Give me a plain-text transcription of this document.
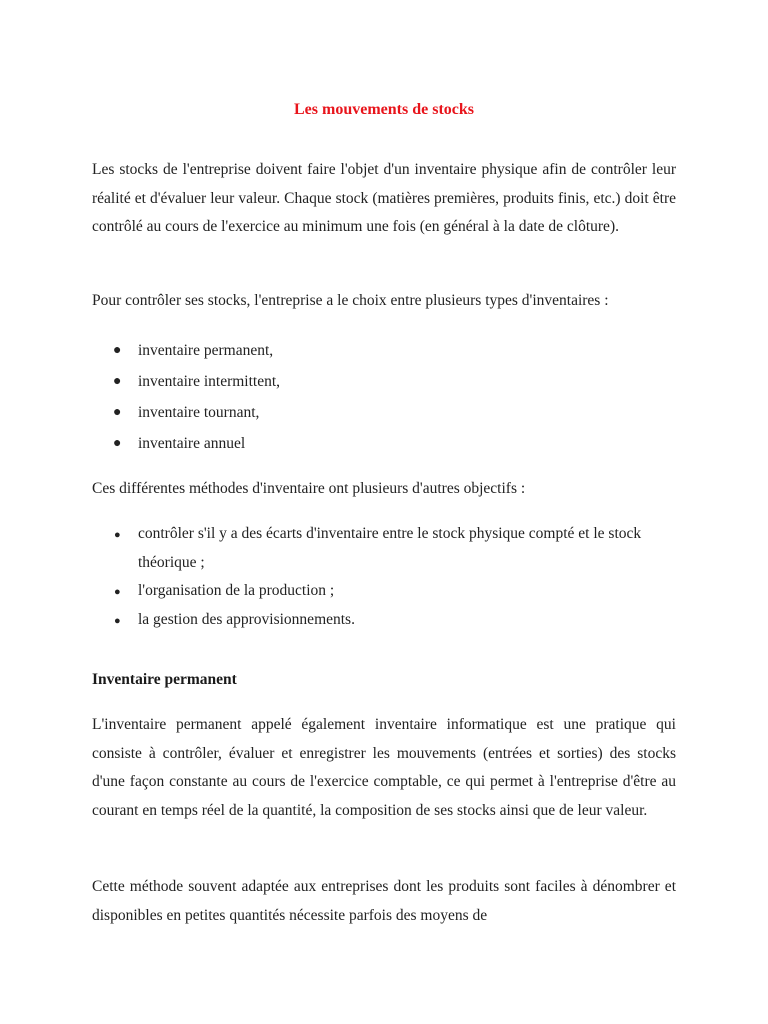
Les mouvements de stocks

Les stocks de l'entreprise doivent faire l'objet d'un inventaire physique afin de contrôler leur réalité et d'évaluer leur valeur. Chaque stock (matières premières, produits finis, etc.) doit être contrôlé au cours de l'exercice au minimum une fois (en général à la date de clôture).

Pour contrôler ses stocks, l'entreprise a le choix entre plusieurs types d'inventaires :

● inventaire permanent,
● inventaire intermittent,
● inventaire tournant,
● inventaire annuel

Ces différentes méthodes d'inventaire ont plusieurs d'autres objectifs :

● contrôler s'il y a des écarts d'inventaire entre le stock physique compté et le stock théorique ;
● l'organisation de la production ;
● la gestion des approvisionnements.
Inventaire permanent

L'inventaire permanent appelé également inventaire informatique est une pratique qui consiste à contrôler, évaluer et enregistrer les mouvements (entrées et sorties) des stocks d'une façon constante au cours de l'exercice comptable, ce qui permet à l'entreprise d'être au courant en temps réel de la quantité, la composition de ses stocks ainsi que de leur valeur.

Cette méthode souvent adaptée aux entreprises dont les produits sont faciles à dénombrer et disponibles en petites quantités nécessite parfois des moyens de
